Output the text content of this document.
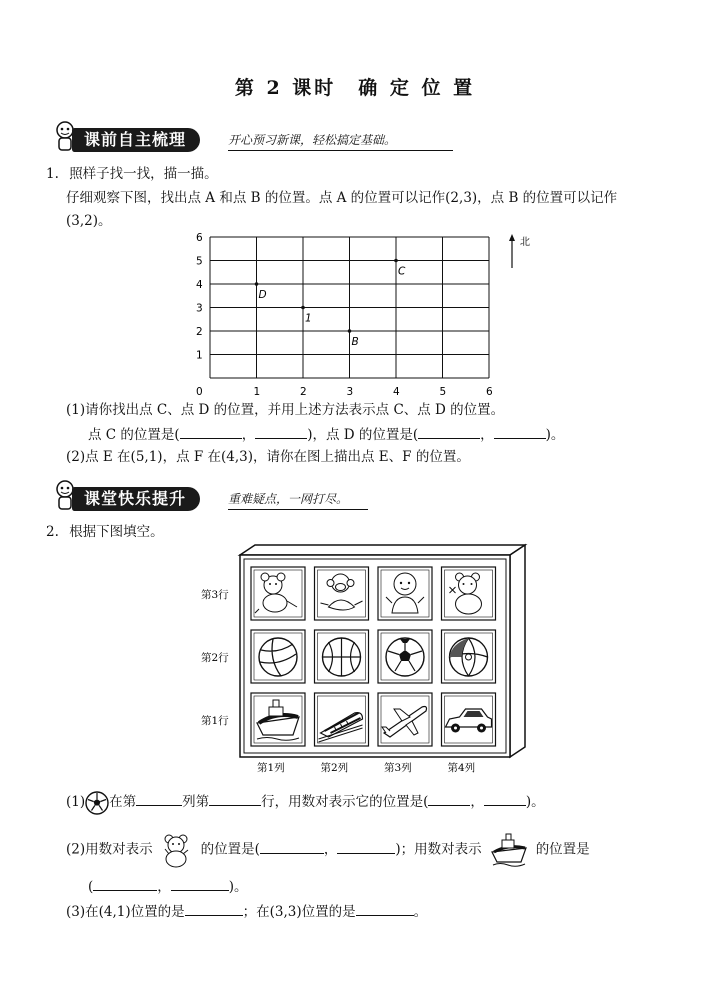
第 2 课时　确 定 位 置
课前自主梳理	开心预习新课，轻松搞定基础。
1. 照样子找一找，描一描。
仔细观察下图，找出点 A 和点 B 的位置。点 A 的位置可以记作(2,3)，点 B 的位置可以记作
(3,2)。
0	1	2	3	4	5	6
1
2
3
4
5
6
D
1
B
C
北
(1)请你找出点 C、点 D 的位置，并用上述方法表示点 C、点 D 的位置。
点 C 的位置是(	，	)，点 D 的位置是(	，	)。
(2)点 E 在(5,1)，点 F 在(4,3)，请你在图上描出点 E、F 的位置。
课堂快乐提升	重难疑点，一网打尽。
2. 根据下图填空。
第3行
第2行
第1行
第1列	第2列	第3列	第4列
(1) 在第	列第	行，用数对表示它的位置是(	，	)。
(2)用数对表示	的位置是(	，	)；用数对表示	的位置是
(	，	)。
(3)在(4,1)位置的是	；在(3,3)位置的是	。
